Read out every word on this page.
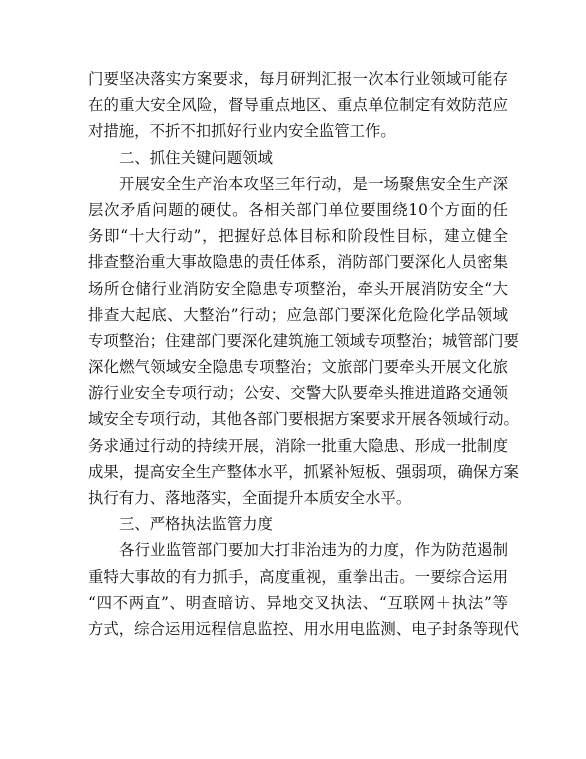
门要坚决落实方案要求，每月研判汇报一次本行业领域可能存
在的重大安全风险，督导重点地区、重点单位制定有效防范应
对措施，不折不扣抓好行业内安全监管工作。
二、抓住关键问题领域
开展安全生产治本攻坚三年行动，是一场聚焦安全生产深
层次矛盾问题的硬仗。各相关部门单位要围绕10个方面的任
务即“十大行动”，把握好总体目标和阶段性目标，建立健全
排查整治重大事故隐患的责任体系，消防部门要深化人员密集
场所仓储行业消防安全隐患专项整治，牵头开展消防安全“大
排查大起底、大整治”行动；应急部门要深化危险化学品领域
专项整治；住建部门要深化建筑施工领域专项整治；城管部门要
深化燃气领域安全隐患专项整治；文旅部门要牵头开展文化旅
游行业安全专项行动；公安、交警大队要牵头推进道路交通领
域安全专项行动，其他各部门要根据方案要求开展各领域行动。
务求通过行动的持续开展，消除一批重大隐患、形成一批制度
成果，提高安全生产整体水平，抓紧补短板、强弱项，确保方案
执行有力、落地落实，全面提升本质安全水平。
三、严格执法监管力度
各行业监管部门要加大打非治违为的力度，作为防范遏制
重特大事故的有力抓手，高度重视，重拳出击。一要综合运用
“四不两直”、明查暗访、异地交叉执法、“互联网＋执法”等
方式，综合运用远程信息监控、用水用电监测、电子封条等现代
